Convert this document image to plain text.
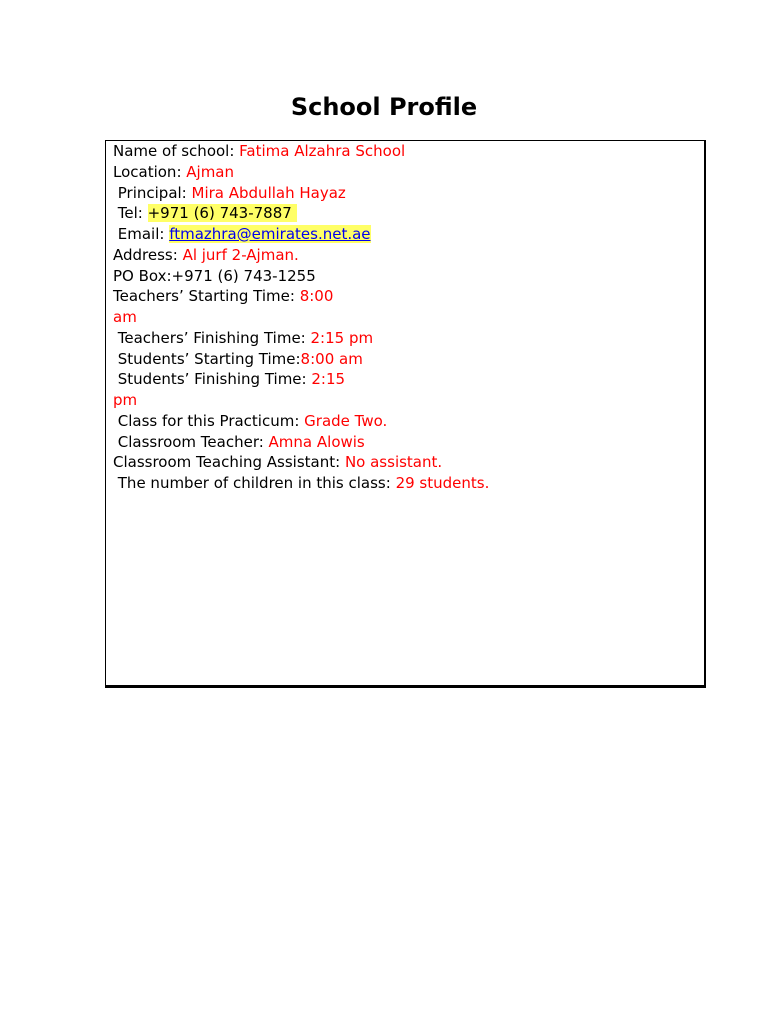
School Profile
Name of school: Fatima Alzahra School
Location: Ajman
Principal: Mira Abdullah Hayaz
Tel: +971 (6) 743-7887
Email: ftmazhra@emirates.net.ae
Address: Al jurf 2-Ajman.
PO Box:+971 (6) 743-1255
Teachers’ Starting Time: 8:00
am
Teachers’ Finishing Time: 2:15 pm
Students’ Starting Time:8:00 am
Students’ Finishing Time: 2:15
pm
Class for this Practicum: Grade Two.
Classroom Teacher: Amna Alowis
Classroom Teaching Assistant: No assistant.
The number of children in this class: 29 students.
